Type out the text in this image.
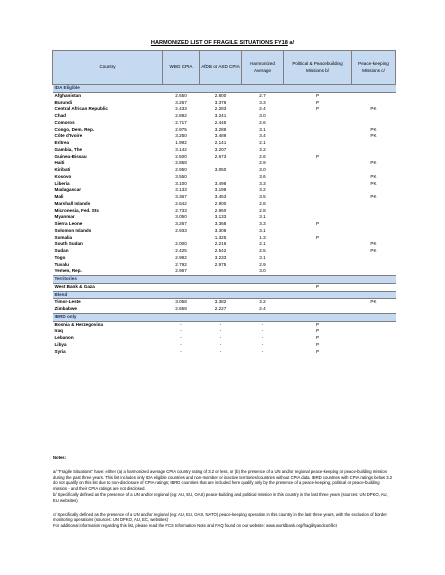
HARMONIZED LIST OF FRAGILE SITUATIONS FY18 a/
Country	WBG CPIA	AfDB or ASD CPIA	Harmonized Average	Political & Peacebuilding Missions b/	Peace-keeping Missions c/
IDA Eligible					
Afghanistan	2.650	2.800	2.7	P	
Burundi	3.267	3.376	3.3	P	
Central African Republic	2.433	2.283	2.4	P	PK
Chad	2.892	3.241	3.0		
Comoros	2.717	2.445	2.6		
Congo, Dem. Rep.	2.975	3.289	3.1		PK
Côte d'Ivoire	3.250	3.489	3.4		PK
Eritrea	1.992	2.141	2.1		
Gambia, The	3.142	3.207	3.2		
Guinea-Bissau	2.500	2.673	2.6	P	
Haiti	2.858		2.9		PK
Kiribati	2.950	3.050	3.0		
Kosovo	3.550		3.6		PK
Liberia	3.100	3.498	3.3		PK
Madagascar	3.133	3.198	3.2		
Mali	3.367	3.453	3.5		PK
Marshall Islands	2.642	2.900	2.8		
Micronesia, Fed. Sts	2.733	2.950	2.8		
Myanmar	3.050	3.133	3.1		
Sierra Leone	3.267	3.368	3.3	P	
Solomon Islands	2.933	3.308	3.1		
Somalia		1.325	1.3	P	
South Sudan	2.000	2.216	2.1		PK
Sudan	2.425	2.542	2.5		PK
Togo	2.992	3.233	3.1		
Tuvalu	2.792	2.975	2.9		
Yemen, Rep.	2.967		3.0		
Territories					
West Bank & Gaza				P	
Blend					
Timor-Leste	3.058	3.382	3.2		PK
Zimbabwe	2.658	2.227	2.4		
IBRD only					
Bosnia & Herzegovina	-	-	-	P	
Iraq	-	-	-	P	
Lebanon	-	-	-	P	
Libya	-	-	-	P	
Syria	-	-	-	P	

Notes:

a/ "Fragile Situations" have: either (a) a harmonized average CPIA country rating of 3.2 or less, or (b) the presence of a UN and/or regional peace-keeping or peace-building mission during the past three years. This list includes only IDA eligible countries and non-member or inactive territories/countries without CPIA data. IBRD countries with CPIA ratings below 3.2 do not qualify on this list due to non-disclosure of CPIA ratings; IBRD countries that are included here qualify only by the presence of a peace-keeping, political or peace-building mission - and their CPIA ratings are not disclosed.

b/ Specifically defined as the presence of a UN and/or regional (eg: AU, EU, OAS) peace-building and political mission in this country in the last three years (sources: UN DPKO, AU, EU websites)

c/ Specifically defined as the presence of a UN and/or regional (eg: AU, EU, OAS, NATO) peace-keeping operation in this country in the last three years, with the exclusion of border monitoring operations (sources: UN DPKO, AU, EC, websites)

For additional information regarding this list, please read the FCS Information Note and FAQ found on our website: www.worldbank.org/fragilityandconflict
